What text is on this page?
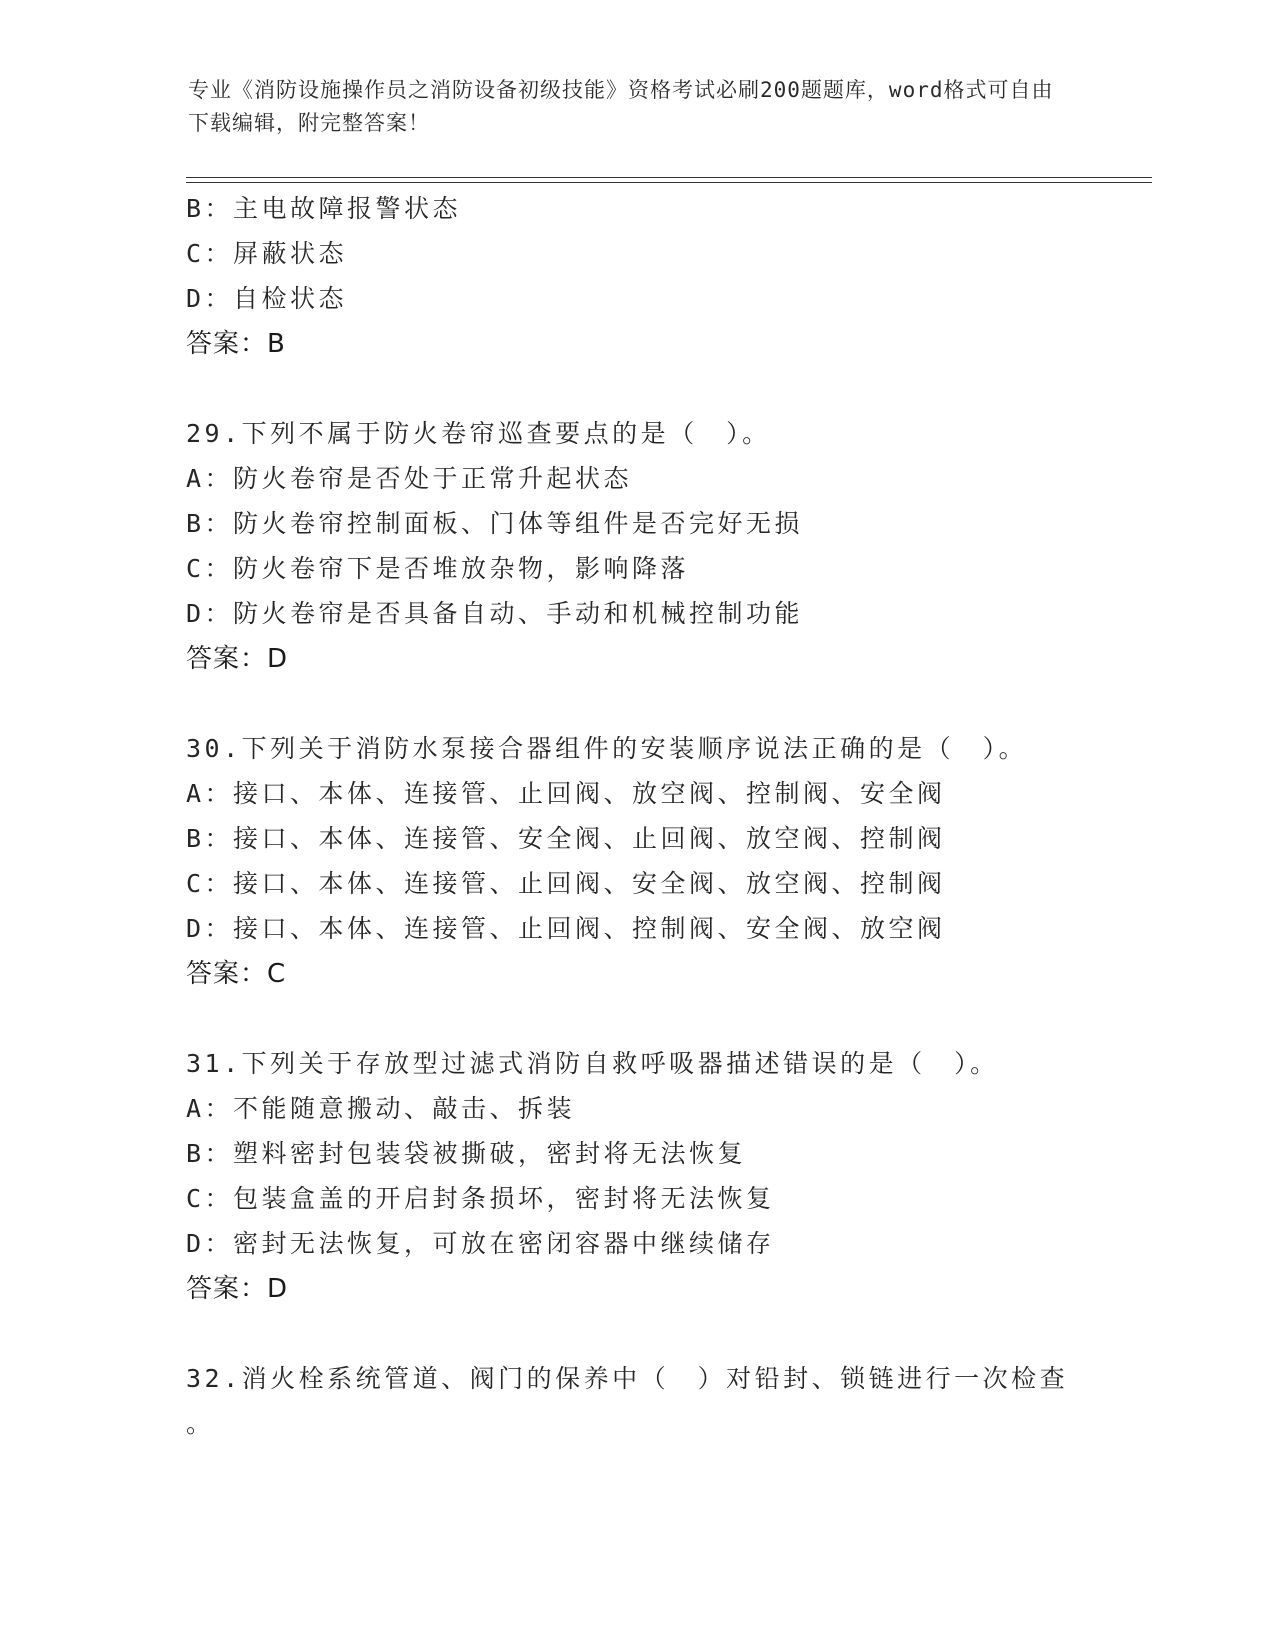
专业《消防设施操作员之消防设备初级技能》资格考试必刷200题题库，word格式可自由下载编辑，附完整答案！
B：主电故障报警状态
C：屏蔽状态
D：自检状态
答案：B
29.下列不属于防火卷帘巡查要点的是（　）。
A：防火卷帘是否处于正常升起状态
B：防火卷帘控制面板、门体等组件是否完好无损
C：防火卷帘下是否堆放杂物，影响降落
D：防火卷帘是否具备自动、手动和机械控制功能
答案：D
30.下列关于消防水泵接合器组件的安装顺序说法正确的是（　）。
A：接口、本体、连接管、止回阀、放空阀、控制阀、安全阀
B：接口、本体、连接管、安全阀、止回阀、放空阀、控制阀
C：接口、本体、连接管、止回阀、安全阀、放空阀、控制阀
D：接口、本体、连接管、止回阀、控制阀、安全阀、放空阀
答案：C
31.下列关于存放型过滤式消防自救呼吸器描述错误的是（　）。
A：不能随意搬动、敲击、拆装
B：塑料密封包装袋被撕破，密封将无法恢复
C：包装盒盖的开启封条损坏，密封将无法恢复
D：密封无法恢复，可放在密闭容器中继续储存
答案：D
32.消火栓系统管道、阀门的保养中（　）对铅封、锁链进行一次检查
。
